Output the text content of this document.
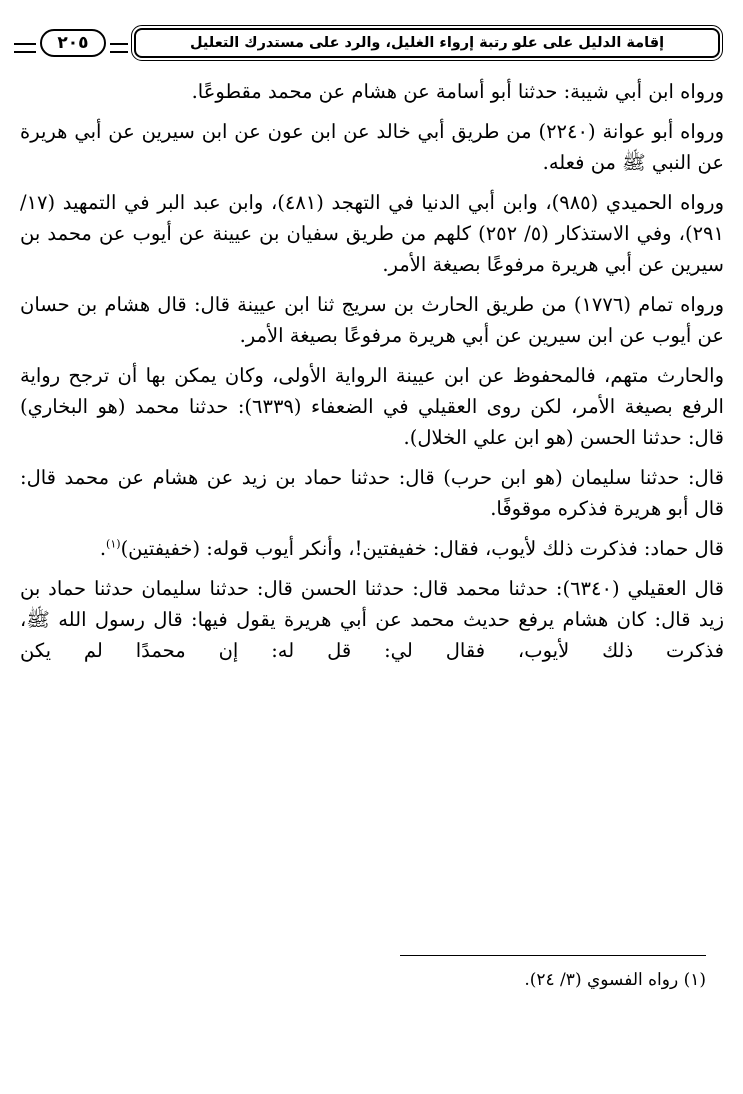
٢٠٥	إقامة الدليل على علو رتبة إرواء الغليل، والرد على مستدرك التعليل

ورواه ابن أبي شيبة: حدثنا أبو أسامة عن هشام عن محمد مقطوعًا.

ورواه أبو عوانة (٢٢٤٠) من طريق أبي خالد عن ابن عون عن ابن سيرين عن أبي هريرة عن النبي ﷺ من فعله.

ورواه الحميدي (٩٨٥)، وابن أبي الدنيا في التهجد (٤٨١)، وابن عبد البر في التمهيد (١٧/ ٢٩١)، وفي الاستذكار (٥/ ٢٥٢) كلهم من طريق سفيان بن عيينة عن أيوب عن محمد بن سيرين عن أبي هريرة مرفوعًا بصيغة الأمر.

ورواه تمام (١٧٧٦) من طريق الحارث بن سريج ثنا ابن عيينة قال: قال هشام بن حسان عن أيوب عن ابن سيرين عن أبي هريرة مرفوعًا بصيغة الأمر.

والحارث متهم، فالمحفوظ عن ابن عيينة الرواية الأولى، وكان يمكن بها أن ترجح رواية الرفع بصيغة الأمر، لكن روى العقيلي في الضعفاء (٦٣٣٩): حدثنا محمد (هو البخاري) قال: حدثنا الحسن (هو ابن علي الخلال).

قال: حدثنا سليمان (هو ابن حرب) قال: حدثنا حماد بن زيد عن هشام عن محمد قال: قال أبو هريرة فذكره موقوفًا.

قال حماد: فذكرت ذلك لأيوب، فقال: خفيفتين!، وأنكر أيوب قوله: (خفيفتين)$^{(١)}$.

قال العقيلي (٦٣٤٠): حدثنا محمد قال: حدثنا الحسن قال: حدثنا سليمان حدثنا حماد بن زيد قال: كان هشام يرفع حديث محمد عن أبي هريرة يقول فيها: قال رسول الله ﷺ، فذكرت ذلك لأيوب، فقال لي: قل له: إن محمدًا لم يكن

(١) رواه الفسوي (٣/ ٢٤).
